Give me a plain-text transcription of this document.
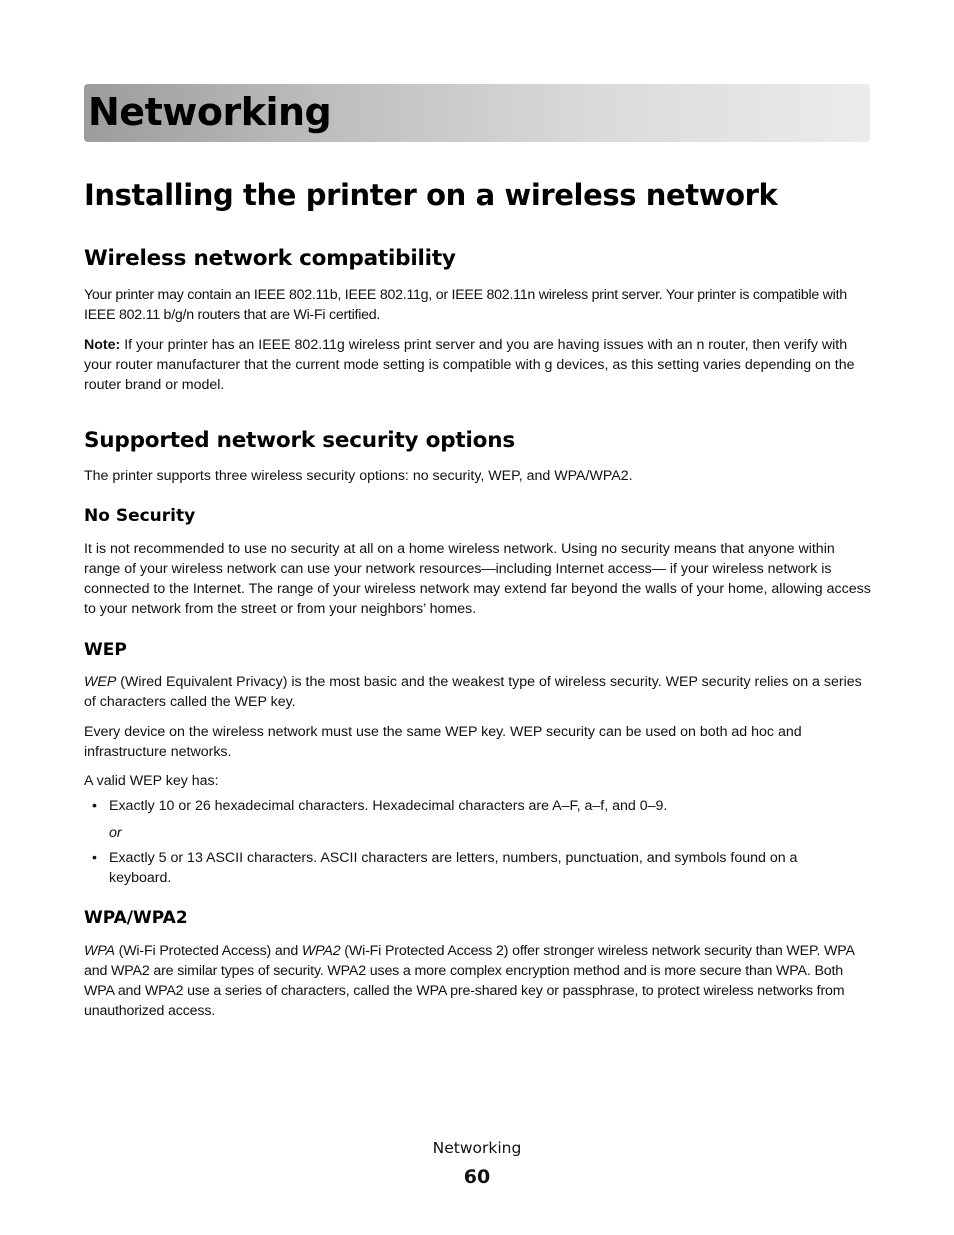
Networking
Installing the printer on a wireless network
Wireless network compatibility

Your printer may contain an IEEE 802.11b, IEEE 802.11g, or IEEE 802.11n wireless print server. Your printer is compatible with IEEE 802.11 b/g/n routers that are Wi-Fi certified.

Note: If your printer has an IEEE 802.11g wireless print server and you are having issues with an n router, then verify with your router manufacturer that the current mode setting is compatible with g devices, as this setting varies depending on the router brand or model.

Supported network security options

The printer supports three wireless security options: no security, WEP, and WPA/WPA2.

No Security

It is not recommended to use no security at all on a home wireless network. Using no security means that anyone within range of your wireless network can use your network resources—including Internet access— if your wireless network is connected to the Internet. The range of your wireless network may extend far beyond the walls of your home, allowing access to your network from the street or from your neighbors’ homes.

WEP

WEP (Wired Equivalent Privacy) is the most basic and the weakest type of wireless security. WEP security relies on a series of characters called the WEP key.

Every device on the wireless network must use the same WEP key. WEP security can be used on both ad hoc and infrastructure networks.

A valid WEP key has:

• Exactly 10 or 26 hexadecimal characters. Hexadecimal characters are A–F, a–f, and 0–9.

or

• Exactly 5 or 13 ASCII characters. ASCII characters are letters, numbers, punctuation, and symbols found on a keyboard.
WPA/WPA2

WPA (Wi-Fi Protected Access) and WPA2 (Wi-Fi Protected Access 2) offer stronger wireless network security than WEP. WPA and WPA2 are similar types of security. WPA2 uses a more complex encryption method and is more secure than WPA. Both WPA and WPA2 use a series of characters, called the WPA pre-shared key or passphrase, to protect wireless networks from unauthorized access.

Networking
60
